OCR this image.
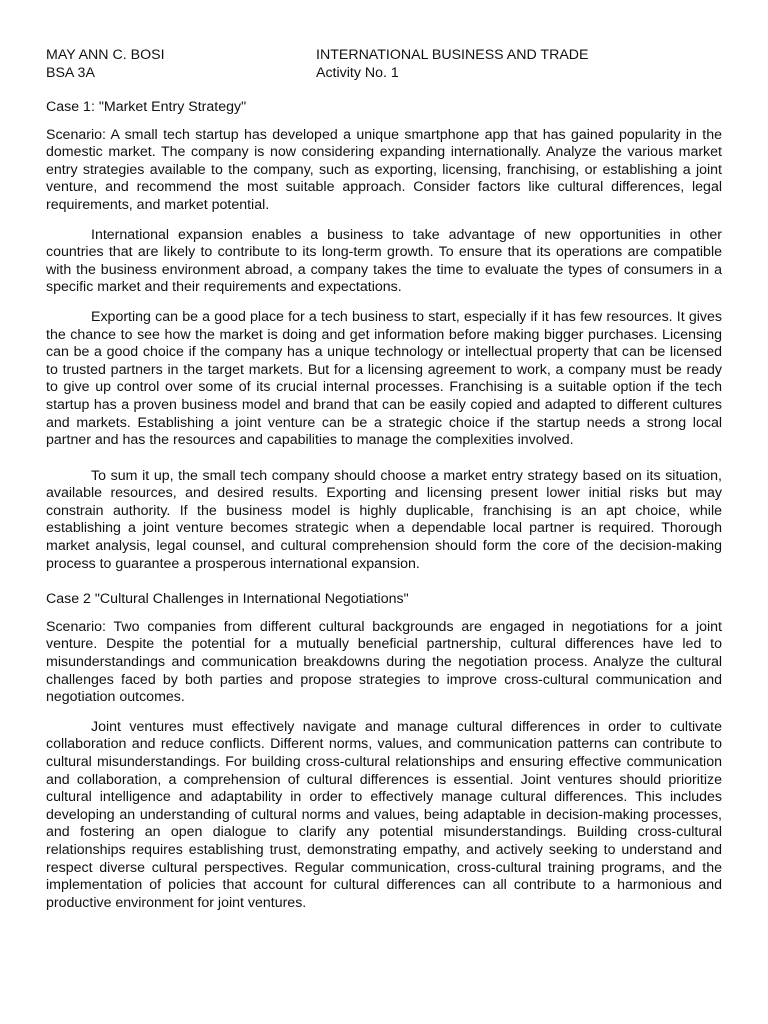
MAY ANN C. BOSI
BSA 3A
INTERNATIONAL BUSINESS AND TRADE
Activity No. 1
Case 1: "Market Entry Strategy"

Scenario: A small tech startup has developed a unique smartphone app that has gained popularity in the domestic market. The company is now considering expanding internationally. Analyze the various market entry strategies available to the company, such as exporting, licensing, franchising, or establishing a joint venture, and recommend the most suitable approach. Consider factors like cultural differences, legal requirements, and market potential.

International expansion enables a business to take advantage of new opportunities in other countries that are likely to contribute to its long-term growth. To ensure that its operations are compatible with the business environment abroad, a company takes the time to evaluate the types of consumers in a specific market and their requirements and expectations.

Exporting can be a good place for a tech business to start, especially if it has few resources. It gives the chance to see how the market is doing and get information before making bigger purchases. Licensing can be a good choice if the company has a unique technology or intellectual property that can be licensed to trusted partners in the target markets. But for a licensing agreement to work, a company must be ready to give up control over some of its crucial internal processes. Franchising is a suitable option if the tech startup has a proven business model and brand that can be easily copied and adapted to different cultures and markets. Establishing a joint venture can be a strategic choice if the startup needs a strong local partner and has the resources and capabilities to manage the complexities involved.

To sum it up, the small tech company should choose a market entry strategy based on its situation, available resources, and desired results. Exporting and licensing present lower initial risks but may constrain authority. If the business model is highly duplicable, franchising is an apt choice, while establishing a joint venture becomes strategic when a dependable local partner is required. Thorough market analysis, legal counsel, and cultural comprehension should form the core of the decision-making process to guarantee a prosperous international expansion.

Case 2 "Cultural Challenges in International Negotiations"

Scenario: Two companies from different cultural backgrounds are engaged in negotiations for a joint venture. Despite the potential for a mutually beneficial partnership, cultural differences have led to misunderstandings and communication breakdowns during the negotiation process. Analyze the cultural challenges faced by both parties and propose strategies to improve cross-cultural communication and negotiation outcomes.

Joint ventures must effectively navigate and manage cultural differences in order to cultivate collaboration and reduce conflicts. Different norms, values, and communication patterns can contribute to cultural misunderstandings. For building cross-cultural relationships and ensuring effective communication and collaboration, a comprehension of cultural differences is essential. Joint ventures should prioritize cultural intelligence and adaptability in order to effectively manage cultural differences. This includes developing an understanding of cultural norms and values, being adaptable in decision-making processes, and fostering an open dialogue to clarify any potential misunderstandings. Building cross-cultural relationships requires establishing trust, demonstrating empathy, and actively seeking to understand and respect diverse cultural perspectives. Regular communication, cross-cultural training programs, and the implementation of policies that account for cultural differences can all contribute to a harmonious and productive environment for joint ventures.
